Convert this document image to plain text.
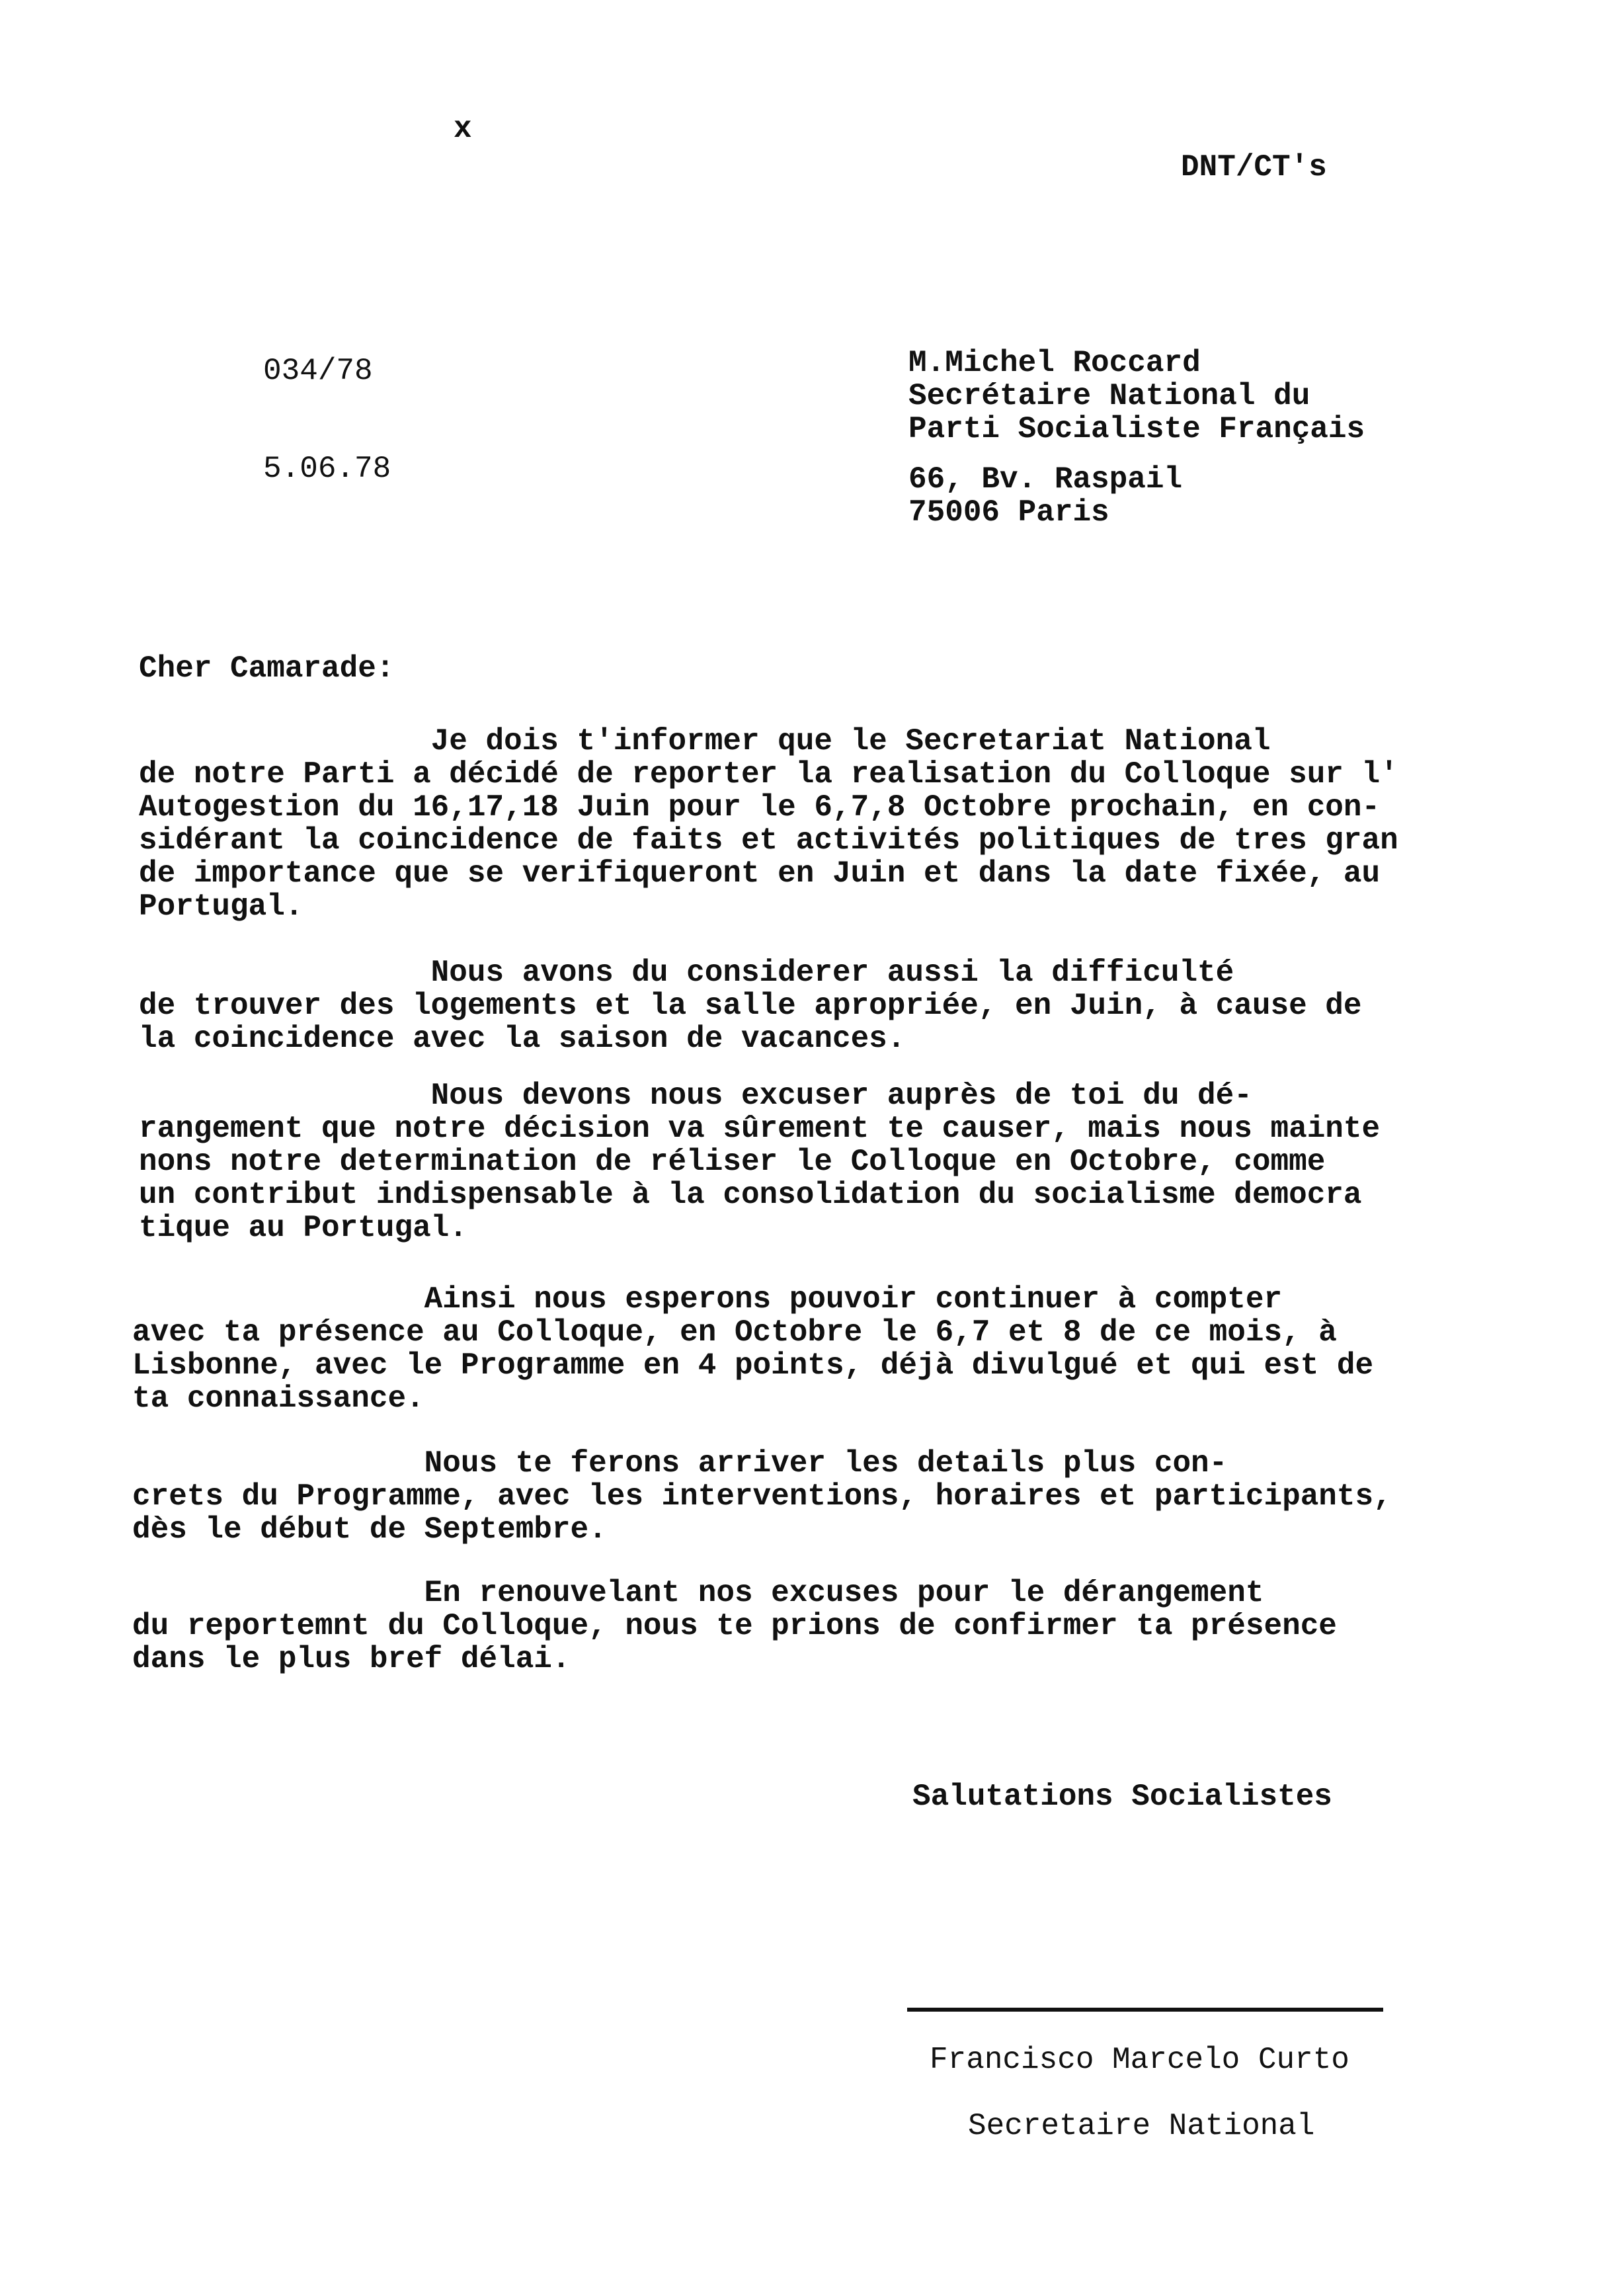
x
DNT/CT's
034/78
5.06.78
M.Michel Roccard
Secrétaire National du
Parti Socialiste Français
66, Bv. Raspail
75006 Paris
Cher Camarade:
Je dois t'informer que le Secretariat National
de notre Parti a décidé de reporter la realisation du Colloque sur l'
Autogestion du 16,17,18 Juin pour le 6,7,8 Octobre prochain, en con-
sidérant la coincidence de faits et activités politiques de tres gran
de importance que se verifiqueront en Juin et dans la date fixée, au
Portugal.
Nous avons du considerer aussi la difficulté
de trouver des logements et la salle apropriée, en Juin, à cause de
la coincidence avec la saison de vacances.
Nous devons nous excuser auprès de toi du dé-
rangement que notre décision va sûrement te causer, mais nous mainte
nons notre determination de réliser le Colloque en Octobre, comme
un contribut indispensable à la consolidation du socialisme democra
tique au Portugal.
Ainsi nous esperons pouvoir continuer à compter
avec ta présence au Colloque, en Octobre le 6,7 et 8 de ce mois, à
Lisbonne, avec le Programme en 4 points, déjà divulgué et qui est de
ta connaissance.
Nous te ferons arriver les details plus con-
crets du Programme, avec les interventions, horaires et participants,
dès le début de Septembre.
En renouvelant nos excuses pour le dérangement
du reportemnt du Colloque, nous te prions de confirmer ta présence
dans le plus bref délai.
Salutations Socialistes
Francisco Marcelo Curto
Secretaire National
